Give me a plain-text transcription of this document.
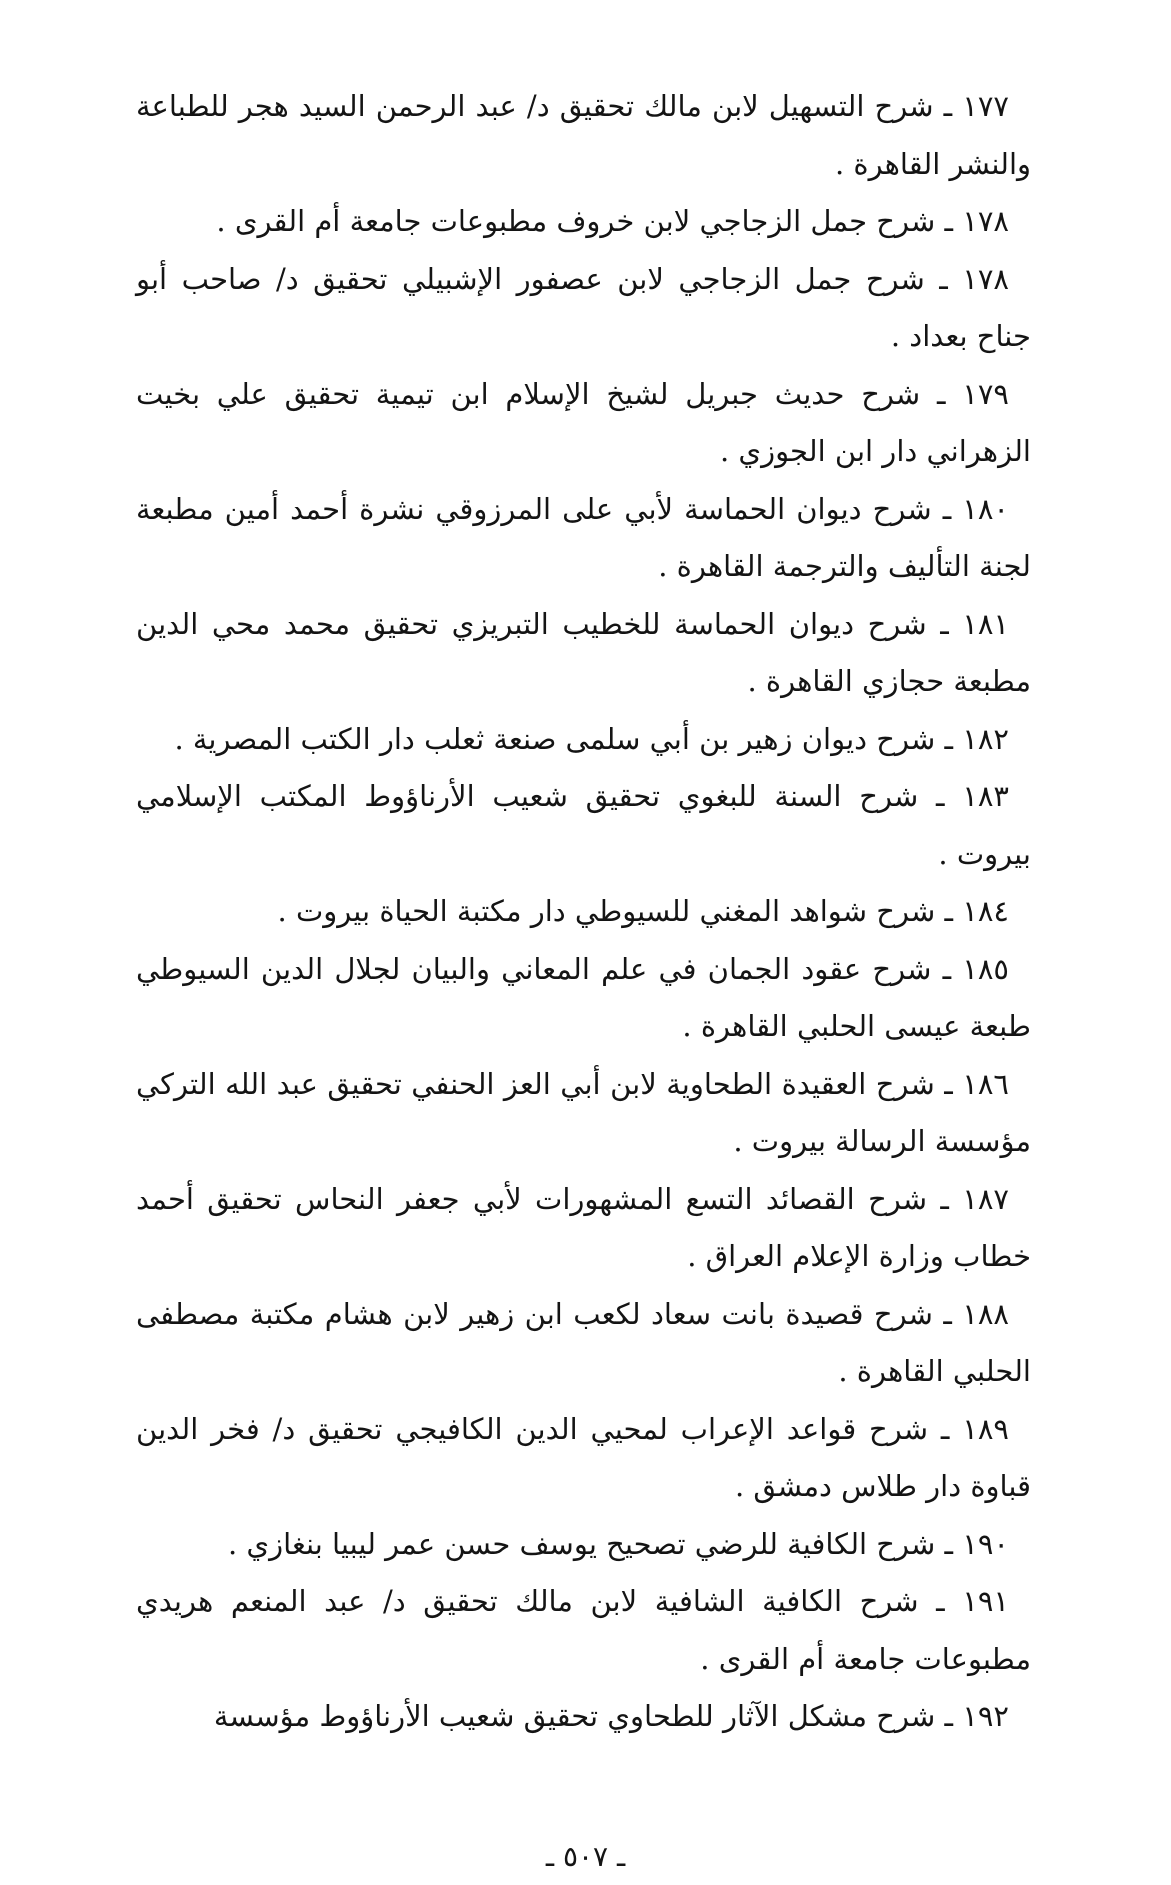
١٧٧ ـ شرح التسهيل لابن مالك تحقيق د/ عبد الرحمن السيد هجر للطباعة والنشر القاهرة .

١٧٨ ـ شرح جمل الزجاجي لابن خروف مطبوعات جامعة أم القرى .

١٧٨ ـ شرح جمل الزجاجي لابن عصفور الإشبيلي تحقيق د/ صاحب أبو جناح بعداد .

١٧٩ ـ شرح حديث جبريل لشيخ الإسلام ابن تيمية تحقيق علي بخيت الزهراني دار ابن الجوزي .

١٨٠ ـ شرح ديوان الحماسة لأبي على المرزوقي نشرة أحمد أمين مطبعة لجنة التأليف والترجمة القاهرة .

١٨١ ـ شرح ديوان الحماسة للخطيب التبريزي تحقيق محمد محي الدين مطبعة حجازي القاهرة .

١٨٢ ـ شرح ديوان زهير بن أبي سلمى صنعة ثعلب دار الكتب المصرية .

١٨٣ ـ شرح السنة للبغوي تحقيق شعيب الأرناؤوط المكتب الإسلامي بيروت .

١٨٤ ـ شرح شواهد المغني للسيوطي دار مكتبة الحياة بيروت .

١٨٥ ـ شرح عقود الجمان في علم المعاني والبيان لجلال الدين السيوطي طبعة عيسى الحلبي القاهرة .

١٨٦ ـ شرح العقيدة الطحاوية لابن أبي العز الحنفي تحقيق عبد الله التركي مؤسسة الرسالة بيروت .

١٨٧ ـ شرح القصائد التسع المشهورات لأبي جعفر النحاس تحقيق أحمد خطاب وزارة الإعلام العراق .

١٨٨ ـ شرح قصيدة بانت سعاد لكعب ابن زهير لابن هشام مكتبة مصطفى الحلبي القاهرة .

١٨٩ ـ شرح قواعد الإعراب لمحيي الدين الكافيجي تحقيق د/ فخر الدين قباوة دار طلاس دمشق .

١٩٠ ـ شرح الكافية للرضي تصحيح يوسف حسن عمر ليبيا بنغازي .

١٩١ ـ شرح الكافية الشافية لابن مالك تحقيق د/ عبد المنعم هريدي مطبوعات جامعة أم القرى .

١٩٢ ـ شرح مشكل الآثار للطحاوي تحقيق شعيب الأرناؤوط مؤسسة

ـ ٥٠٧ ـ
